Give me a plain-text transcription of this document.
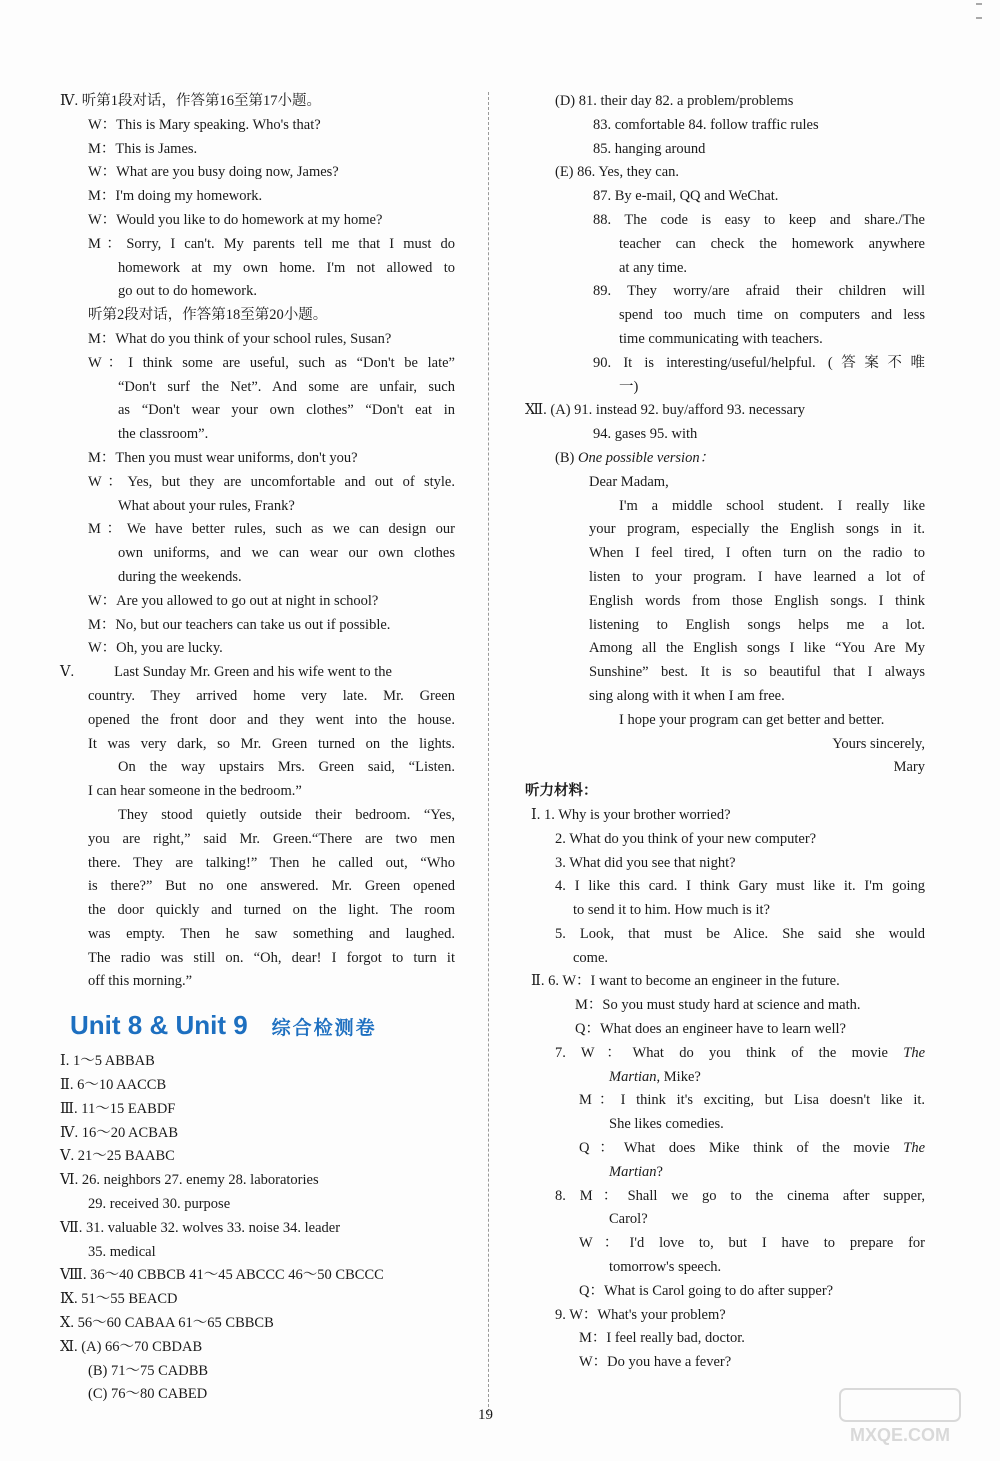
Ⅳ. 听第1段对话，作答第16至第17小题。
W：This is Mary speaking. Who's that?
M：This is James.
W：What are you busy doing now, James?
M：I'm doing my homework.
W：Would you like to do homework at my home?
M：Sorry, I can't. My parents tell me that I must do
homework at my own home. I'm not allowed to
go out to do homework.
听第2段对话，作答第18至第20小题。
M：What do you think of your school rules, Susan?
W：I think some are useful, such as “Don't be late”
“Don't surf the Net”. And some are unfair, such
as “Don't wear your own clothes” “Don't eat in
the classroom”.
M：Then you must wear uniforms, don't you?
W：Yes, but they are uncomfortable and out of style.
What about your rules, Frank?
M：We have better rules, such as we can design our
own uniforms, and we can wear our own clothes
during the weekends.
W：Are you allowed to go out at night in school?
M：No, but our teachers can take us out if possible.
W：Oh, you are lucky.
Ⅴ.	Last Sunday Mr. Green and his wife went to the
country. They arrived home very late. Mr. Green
opened the front door and they went into the house.
It was very dark, so Mr. Green turned on the lights.
On the way upstairs Mrs. Green said, “Listen.
I can hear someone in the bedroom.”
They stood quietly outside their bedroom. “Yes,
you are right,” said Mr. Green.“There are two men
there. They are talking!” Then he called out, “Who
is there?” But no one answered. Mr. Green opened
the door quickly and turned on the light. The room
was empty. Then he saw something and laughed.
The radio was still on. “Oh, dear! I forgot to turn it
off this morning.”
Unit 8 & Unit 9 综合检测卷
Ⅰ. 1～5 ABBAB
Ⅱ. 6～10 AACCB
Ⅲ. 11～15 EABDF
Ⅳ. 16～20 ACBAB
Ⅴ. 21～25 BAABC
Ⅵ. 26. neighbors 27. enemy 28. laboratories
29. received 30. purpose
Ⅶ. 31. valuable 32. wolves 33. noise 34. leader
35. medical
Ⅷ. 36～40 CBBCB 41～45 ABCCC 46～50 CBCCC
Ⅸ. 51～55 BEACD
Ⅹ. 56～60 CABAA 61～65 CBBCB
Ⅺ. (A) 66～70 CBDAB
(B) 71～75 CADBB
(C) 76～80 CABED
(D) 81. their day 82. a problem/problems
83. comfortable 84. follow traffic rules
85. hanging around
(E) 86. Yes, they can.
87. By e-mail, QQ and WeChat.
88. The code is easy to keep and share./The
teacher can check the homework anywhere
at any time.
89. They worry/are afraid their children will
spend too much time on computers and less
time communicating with teachers.
90. It is interesting/useful/helpful. (答案不唯
一)
Ⅻ. (A) 91. instead 92. buy/afford 93. necessary
94. gases 95. with
(B) One possible version：
Dear Madam,
I'm a middle school student. I really like
your program, especially the English songs in it.
When I feel tired, I often turn on the radio to
listen to your program. I have learned a lot of
English words from those English songs. I think
listening to English songs helps me a lot.
Among all the English songs I like “You Are My
Sunshine” best. It is so beautiful that I always
sing along with it when I am free.
I hope your program can get better and better.
Yours sincerely,
Mary
听力材料：
Ⅰ. 1. Why is your brother worried?
2. What do you think of your new computer?
3. What did you see that night?
4. I like this card. I think Gary must like it. I'm going
to send it to him. How much is it?
5. Look, that must be Alice. She said she would
come.
Ⅱ. 6. W：I want to become an engineer in the future.
M：So you must study hard at science and math.
Q：What does an engineer have to learn well?
7. W：What do you think of the movie The
Martian, Mike?
M：I think it's exciting, but Lisa doesn't like it.
She likes comedies.
Q：What does Mike think of the movie The
Martian?
8. M：Shall we go to the cinema after supper,
Carol?
W：I'd love to, but I have to prepare for
tomorrow's speech.
Q：What is Carol going to do after supper?
9. W：What's your problem?
M：I feel really bad, doctor.
W：Do you have a fever?
19
MXQE.COM
